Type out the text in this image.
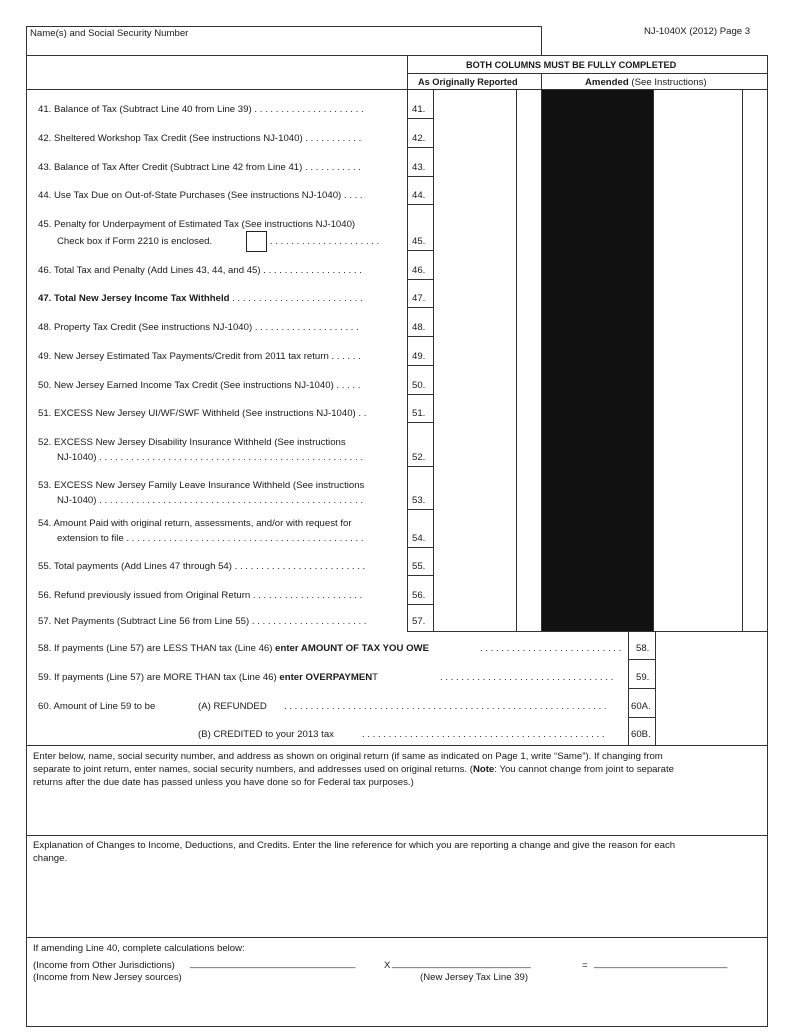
Name(s) and Social Security Number	NJ-1040X (2012) Page 3
BOTH COLUMNS MUST BE FULLY COMPLETED
As Originally Reported	Amended (See Instructions)
41. Balance of Tax (Subtract Line 40 from Line 39) . . . . . . . . . . . . . . . . . . . . .	41.
42. Sheltered Workshop Tax Credit (See instructions NJ-1040) . . . . . . . . . . .	42.
43. Balance of Tax After Credit (Subtract Line 42 from Line 41) . . . . . . . . . . .	43.
44. Use Tax Due on Out-of-State Purchases (See instructions NJ-1040) . . . .	44.
45. Penalty for Underpayment of Estimated Tax (See instructions NJ-1040)
Check box if Form 2210 is enclosed.	. . . . . . . . . . . . . . . . . . . . .	45.
46. Total Tax and Penalty (Add Lines 43, 44, and 45) . . . . . . . . . . . . . . . . . . .	46.
47. Total New Jersey Income Tax Withheld . . . . . . . . . . . . . . . . . . . . . . . . .	47.
48. Property Tax Credit (See instructions NJ-1040) . . . . . . . . . . . . . . . . . . . .	48.
49. New Jersey Estimated Tax Payments/Credit from 2011 tax return . . . . . .	49.
50. New Jersey Earned Income Tax Credit (See instructions NJ-1040) . . . . .	50.
51. EXCESS New Jersey UI/WF/SWF Withheld (See instructions NJ-1040) . .	51.
52. EXCESS New Jersey Disability Insurance Withheld (See instructions
NJ-1040) . . . . . . . . . . . . . . . . . . . . . . . . . . . . . . . . . . . . . . . . . . . . . . . . . .	52.
53. EXCESS New Jersey Family Leave Insurance Withheld (See instructions
NJ-1040) . . . . . . . . . . . . . . . . . . . . . . . . . . . . . . . . . . . . . . . . . . . . . . . . . .	53.
54. Amount Paid with original return, assessments, and/or with request for
extension to file . . . . . . . . . . . . . . . . . . . . . . . . . . . . . . . . . . . . . . . . . . . . .	54.
55. Total payments (Add Lines 47 through 54) . . . . . . . . . . . . . . . . . . . . . . . . .	55.
56. Refund previously issued from Original Return . . . . . . . . . . . . . . . . . . . . .	56.
57. Net Payments (Subtract Line 56 from Line 55) . . . . . . . . . . . . . . . . . . . . . .	57.
58. If payments (Line 57) are LESS THAN tax (Line 46) enter AMOUNT OF TAX YOU OWE	. . . . . . . . . . . . . . . . . . . . . . . . . . . 58.
59. If payments (Line 57) are MORE THAN tax (Line 46) enter OVERPAYMENT	. . . . . . . . . . . . . . . . . . . . . . . . . . . . . . . . . 59.
60. Amount of Line 59 to be	(A) REFUNDED . . . . . . . . . . . . . . . . . . . . . . . . . . . . . . . . . . . . . . . . . . . . . . . . . . . . . . . . . . . . .	60A.
(B) CREDITED to your 2013 tax	. . . . . . . . . . . . . . . . . . . . . . . . . . . . . . . . . . . . . . . . . . . . . .	60B.
Enter below, name, social security number, and address as shown on original return (if same as indicated on Page 1, write “Same”). If changing from
separate to joint return, enter names, social security numbers, and addresses used on original returns. (Note: You cannot change from joint to separate
returns after the due date has passed unless you have done so for Federal tax purposes.)
Explanation of Changes to Income, Deductions, and Credits. Enter the line reference for which you are reporting a change and give the reason for each
change.
If amending Line 40, complete calculations below:
(Income from Other Jurisdictions) _______________________________	X __________________________	= _________________________
(Income from New Jersey sources)	(New Jersey Tax Line 39)
